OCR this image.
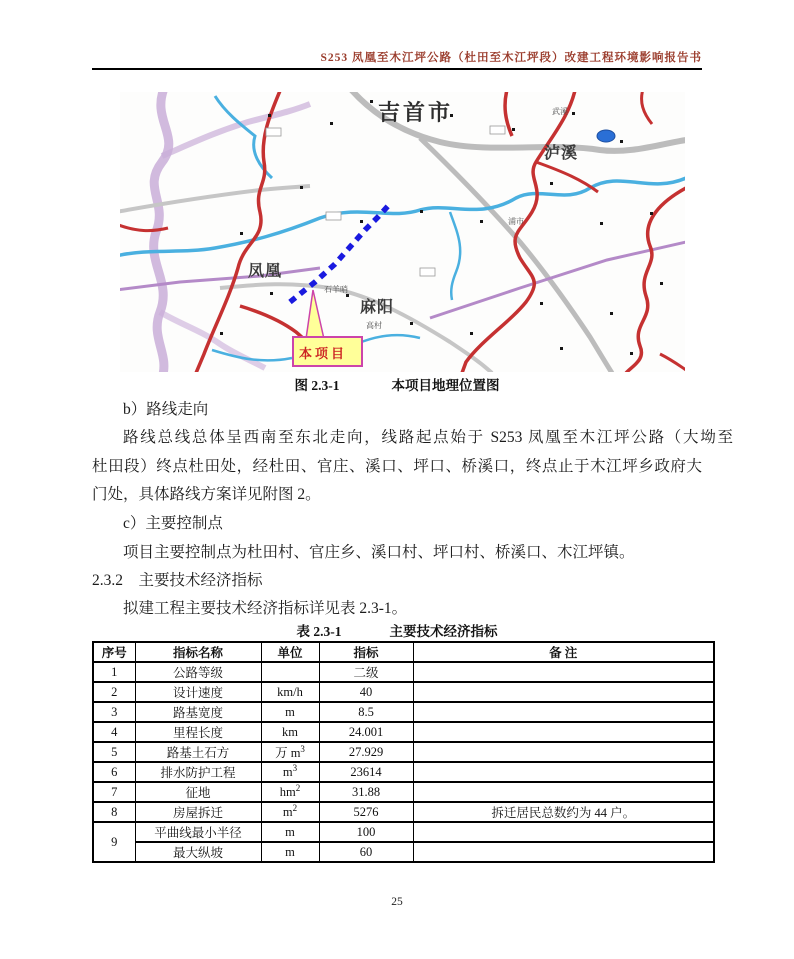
S253 凤凰至木江坪公路（杜田至木江坪段）改建工程环境影响报告书
吉首市
泸溪
武溪
凤凰
麻阳
高村
浦市
石羊哨
本项目
图 2.3-1	本项目地理位置图
b）路线走向
路线总线总体呈西南至东北走向，线路起点始于 S253 凤凰至木江坪公路（大坳至
杜田段）终点杜田处，经杜田、官庄、溪口、坪口、桥溪口，终点止于木江坪乡政府大
门处，具体路线方案详见附图 2。
c）主要控制点
项目主要控制点为杜田村、官庄乡、溪口村、坪口村、桥溪口、木江坪镇。
2.3.2　主要技术经济指标
拟建工程主要技术经济指标详见表 2.3-1。
表 2.3-1	主要技术经济指标
序号	指标名称	单位	指标	备 注
1	公路等级		二级	
2	设计速度	km/h	40	
3	路基宽度	m	8.5	
4	里程长度	km	24.001	
5	路基土石方	万 $m^3$	27.929	
6	排水防护工程	$m^3$	23614	
7	征地	$hm^2$	31.88	
8	房屋拆迁	$m^2$	5276	拆迁居民总数约为 44 户。
9	平曲线最小半径	m	100	
	最大纵坡	m	60	
25
